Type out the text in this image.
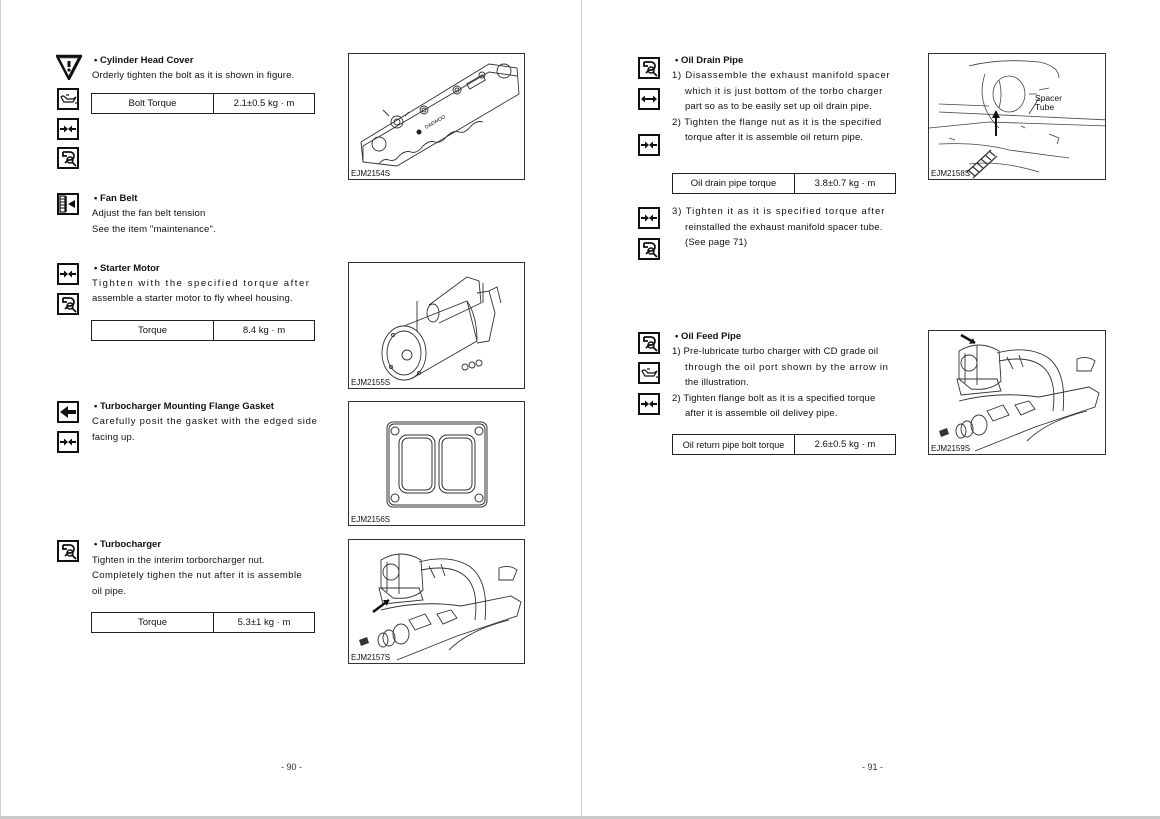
• Cylinder Head Cover
Orderly tighten the bolt as it is shown in figure.
Bolt Torque	2.1±0.5 kg · m
DAEWOO
EJM2154S
• Fan Belt
Adjust the fan belt tension
See the item "maintenance".
• Starter Motor
Tighten with the specified torque after
assemble a starter motor to fly wheel housing.
Torque	8.4 kg · m
EJM2155S
• Turbocharger Mounting Flange Gasket
Carefully posit the gasket with the edged side
facing up.
EJM2156S
• Turbocharger
Tighten in the interim torborcharger nut.
Completely tighen the nut after it is assemble
oil pipe.
Torque	5.3±1 kg · m
EJM2157S
- 90 -
• Oil Drain Pipe
1) Disassemble the exhaust manifold spacer
which it is just bottom of the torbo charger
part so as to be easily set up oil drain pipe.
2) Tighten the flange nut as it is the specified
torque after it is assemble oil return pipe.
Oil drain pipe torque	3.8±0.7 kg · m
Spacer
Tube
EJM2158S
3) Tighten it as it is specified torque after
reinstalled the exhaust manifold spacer tube.
(See page 71)
• Oil Feed Pipe
1) Pre-lubricate turbo charger with CD grade oil
through the oil port shown by the arrow in
the illustration.
2) Tighten flange bolt as it is a specified torque
after it is assemble oil delivey pipe.
Oil return pipe bolt torque	2.6±0.5 kg · m	EJM2159S
- 91 -
